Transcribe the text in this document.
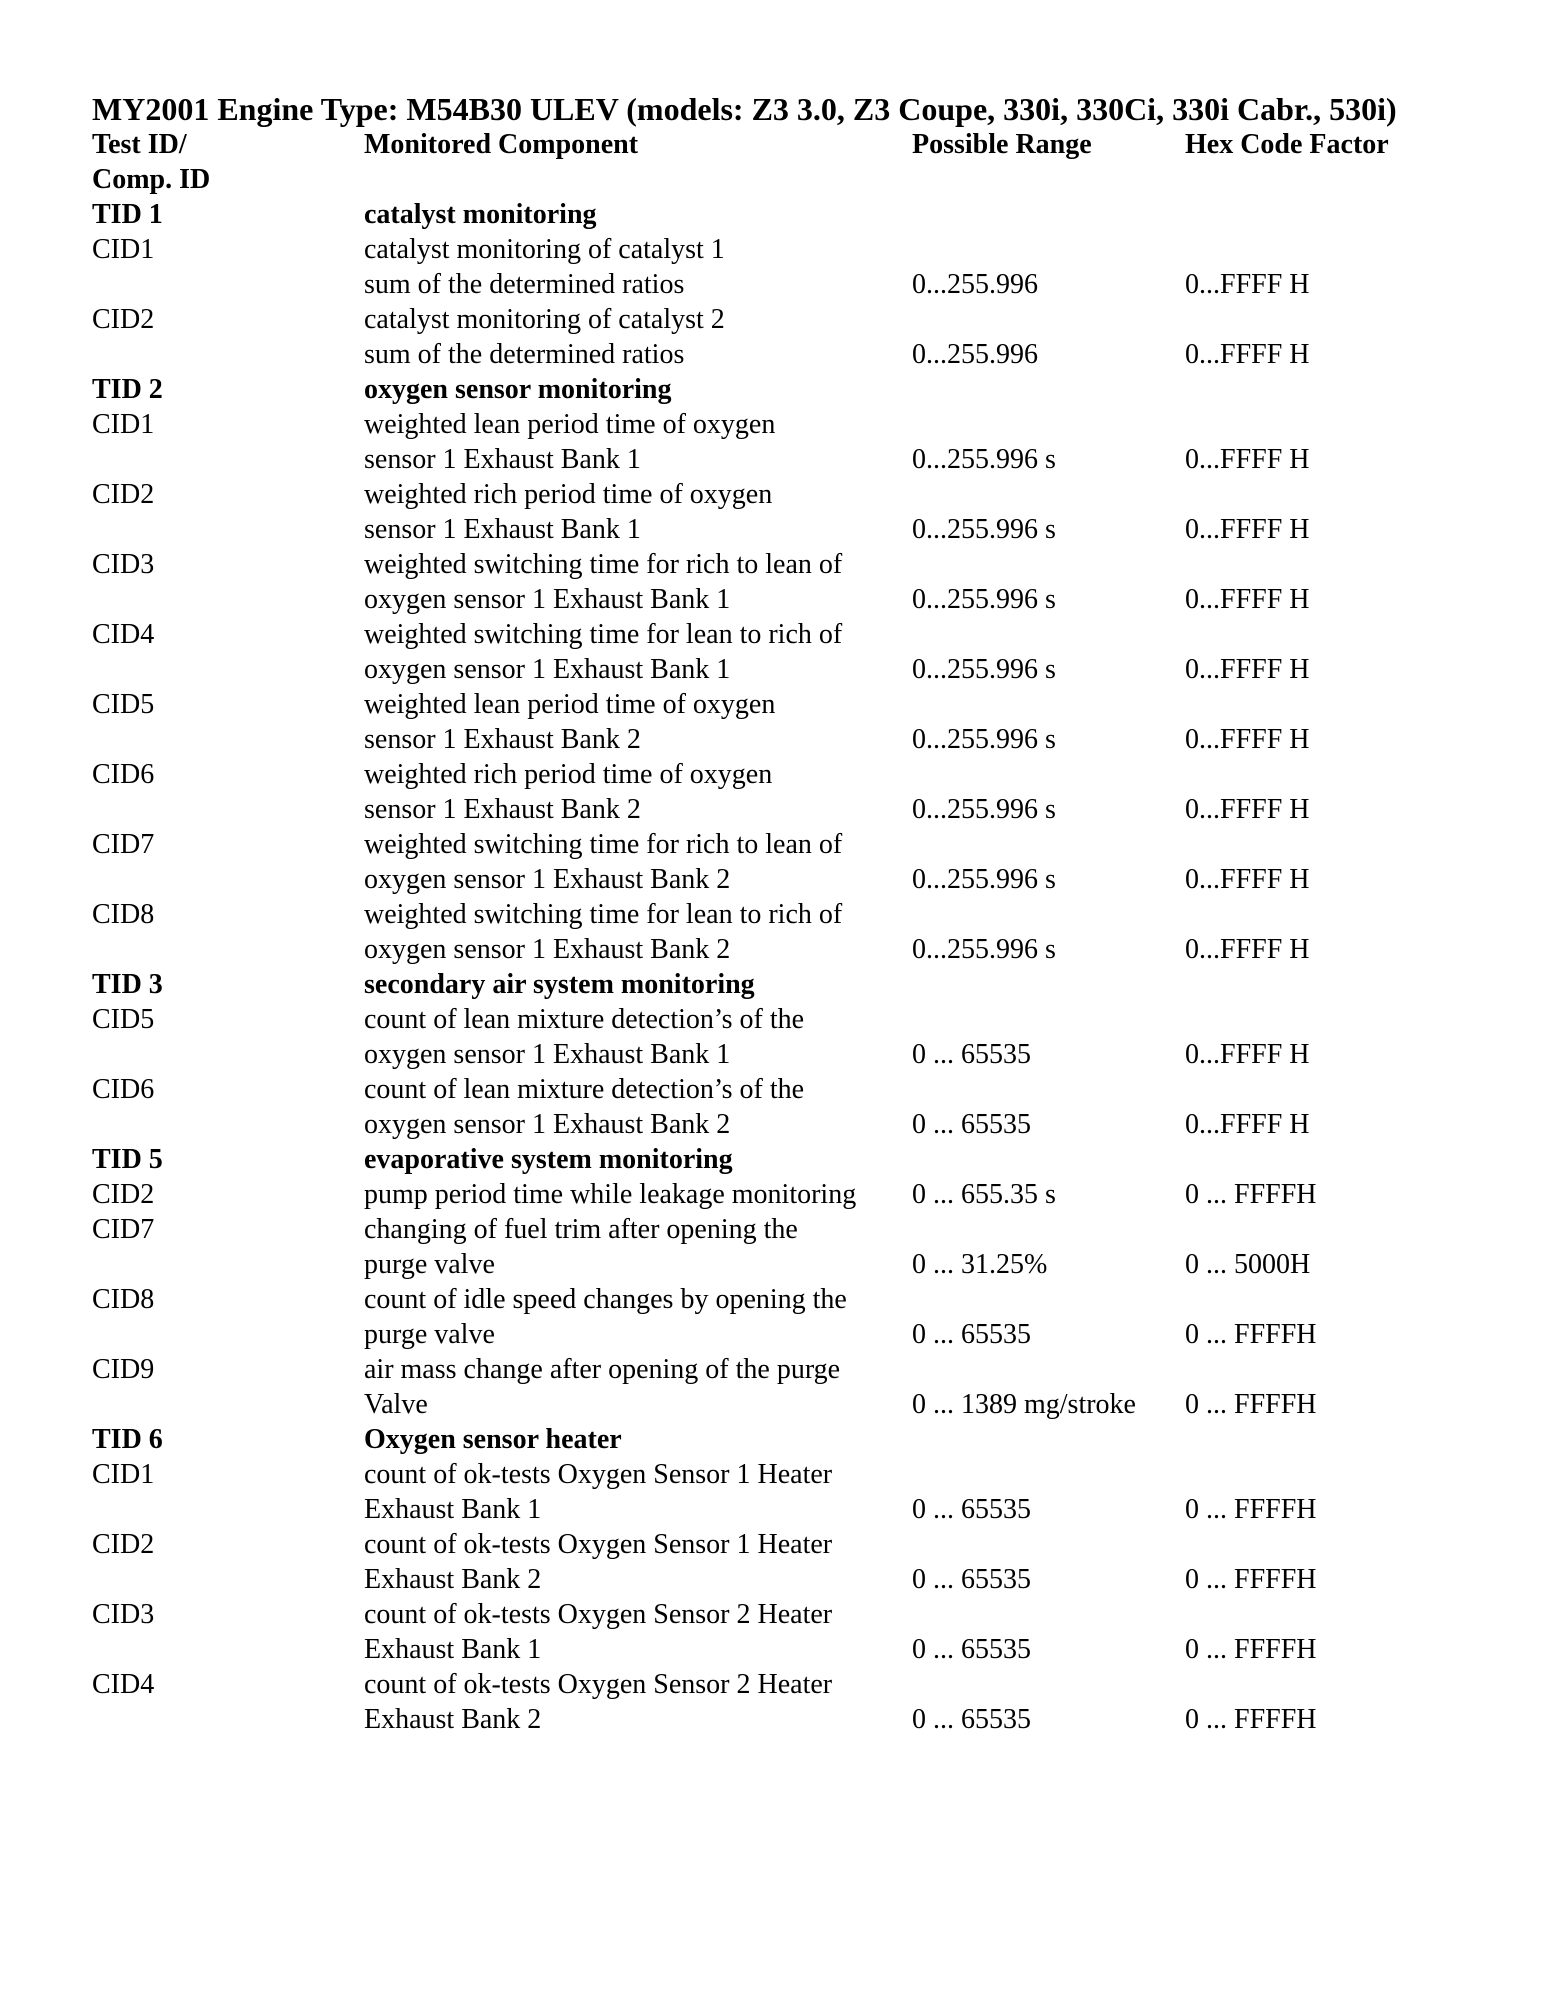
MY2001 Engine Type: M54B30 ULEV (models: Z3 3.0, Z3 Coupe, 330i, 330Ci, 330i Cabr., 530i)
Test ID/
Comp. ID	Monitored Component	Possible Range	Hex Code Factor
TID 1	catalyst monitoring		
CID1	catalyst monitoring of catalyst 1
sum of the determined ratios	0...255.996	0...FFFF H
CID2	catalyst monitoring of catalyst 2
sum of the determined ratios	0...255.996	0...FFFF H
TID 2	oxygen sensor monitoring		
CID1	weighted lean period time of oxygen
sensor 1 Exhaust Bank 1	0...255.996 s	0...FFFF H
CID2	weighted rich period time of oxygen
sensor 1 Exhaust Bank 1	0...255.996 s	0...FFFF H
CID3	weighted switching time for rich to lean of
oxygen sensor 1 Exhaust Bank 1	0...255.996 s	0...FFFF H
CID4	weighted switching time for lean to rich of
oxygen sensor 1 Exhaust Bank 1	0...255.996 s	0...FFFF H
CID5	weighted lean period time of oxygen
sensor 1 Exhaust Bank 2	0...255.996 s	0...FFFF H
CID6	weighted rich period time of oxygen
sensor 1 Exhaust Bank 2	0...255.996 s	0...FFFF H
CID7	weighted switching time for rich to lean of
oxygen sensor 1 Exhaust Bank 2	0...255.996 s	0...FFFF H
CID8	weighted switching time for lean to rich of
oxygen sensor 1 Exhaust Bank 2	0...255.996 s	0...FFFF H
TID 3	secondary air system monitoring		
CID5	count of lean mixture detection’s of the
oxygen sensor 1 Exhaust Bank 1	0 ... 65535	0...FFFF H
CID6	count of lean mixture detection’s of the
oxygen sensor 1 Exhaust Bank 2	0 ... 65535	0...FFFF H
TID 5	evaporative system monitoring		
CID2	pump period time while leakage monitoring	0 ... 655.35 s	0 ... FFFFH
CID7	changing of fuel trim after opening the
purge valve	0 ... 31.25%	0 ... 5000H
CID8	count of idle speed changes by opening the
purge valve	0 ... 65535	0 ... FFFFH
CID9	air mass change after opening of the purge
Valve	0 ... 1389 mg/stroke	0 ... FFFFH
TID 6	Oxygen sensor heater		
CID1	count of ok-tests Oxygen Sensor 1 Heater
Exhaust Bank 1	0 ... 65535	0 ... FFFFH
CID2	count of ok-tests Oxygen Sensor 1 Heater
Exhaust Bank 2	0 ... 65535	0 ... FFFFH
CID3	count of ok-tests Oxygen Sensor 2 Heater
Exhaust Bank 1	0 ... 65535	0 ... FFFFH
CID4	count of ok-tests Oxygen Sensor 2 Heater
Exhaust Bank 2	0 ... 65535	0 ... FFFFH
